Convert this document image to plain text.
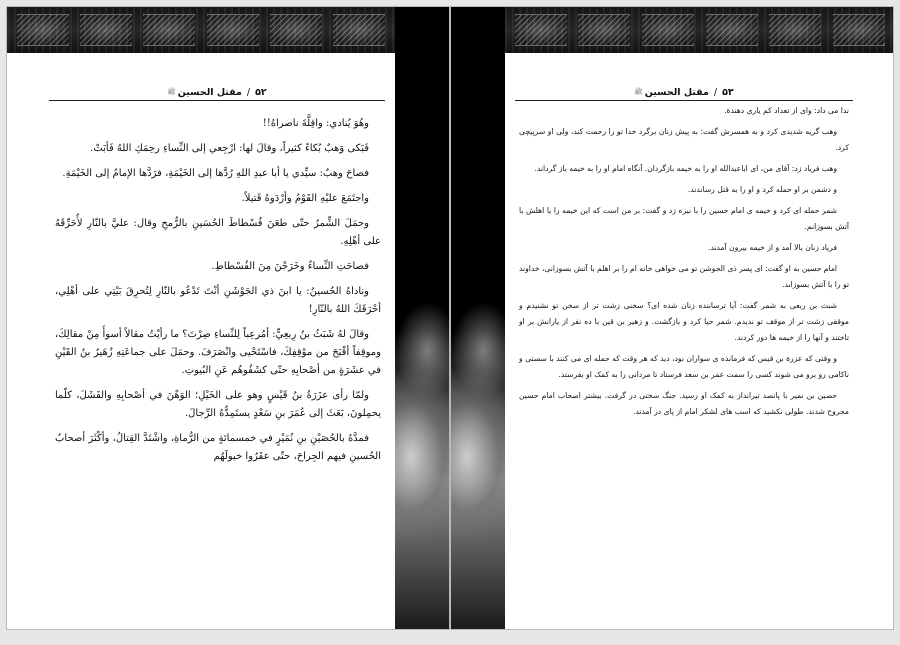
۵۲
/
مقتل الحسين
ﷺ

وهُوَ يُنادي: واقِلَّةَ ناصراهُ!!

فَبَكى وَهبٌ بُكاءً كثيراً، وقالَ لها: ارْجِعي إلى النِّساءِ رحِمَكِ اللهُ فَأبَتْ.

فصاحَ وهبٌ: سيِّدي يا أبا عبدِ اللهِ رُدَّها إلى الخَيْمَةِ، فرَدَّها الإمامُ إلى الخَيْمَةِ.

واجتَمَعَ عليْهِ القَوْمُ وأرْدَوهُ قَتيلاً.

وحمَلَ الشِّمرُ حتّى طعَنَ فُسْطاطَ الحُسَينِ بالرُّمحِ وقال: عليَّ بالنّارِ لأُحَرِّقَهُ على أهْلِهِ.

فصاحَتِ النِّساءُ وخَرَجْنَ مِنَ الفُسْطاطِ.

وناداهُ الحُسينُ: يا ابنَ ذي الجَوْشَنِ أنْتَ تَدْعُو بالنّارِ لِتُحرِقَ بَيْتِي على أهْلِي، أحْرَقَكَ اللهُ بالنّارِ!

وقالَ لهُ شَبَثُ بنُ رِبعِيٍّ: أمُرعِباً لِلنِّساءِ صِرْتَ؟ ما رأيْتُ مقالاً أسوأَ مِنْ مقالِكَ، وموقِفاً أقْبَحَ من موْقِفِكَ، فاسْتَحْيى وانْصَرَفَ. وحمَلَ على جماعَتِهِ زُهَيرُ بنُ القَيْنِ في عشَرَةٍ من أصْحابِهِ حتّى كشَفُوهُم عَنِ البُيوتِ.

ولمّا رأى عزَرَةُ بنُ قَيْسٍ وهو على الخَيْلِ؛ الوَهْنَ في أصْحابِهِ والفَشَلَ، كلّما يحمِلونَ، بَعَثَ إلى عُمَرَ بنِ سَعْدٍ يستَمِدُّهُ الرِّجالَ.

فمدَّهُ بالحُصَيْنِ بنِ نُمَيْرٍ في خمسمائةٍ من الرُّماةِ، واشْتَدَّ القِتالُ، وأكْثَرَ أصحابُ الحُسينِ فيهم الجِراحَ، حتّى عقَرُوا خيولَهُم

۵۳
/
مقتل الحسين
ﷺ

ندا می داد: وای از تعداد کم یاری دهندهٔ.

وهب گریه شدیدی کرد و به همسرش گفت: به پیش زنان برگرد خدا تو را رحمت کند، ولی او سرپیچی کرد.

وهب فریاد زد: آقای من، ای اباعبدالله او را به خیمه بازگردان. آنگاه امام او را به خیمه باز گرداند.

و دشمن بر او حمله کرد و او را به قتل رساندند.

شمر حمله ای کرد و خیمه ی امام حسین را با نیزه زد و گفت: بر من است که این خیمه را با اهلش با آتش بسوزانم.

فریاد زنان بالا آمد و از خیمه بیرون آمدند.

امام حسین به او گفت: ای پسر ذی الجوشن تو می خواهی خانه ام را بر اهلم با آتش بسوزانی، خداوند تو را با آتش بسوزاند.

شبث بن ربعی به شمر گفت: آیا ترساننده زنان شده ای؟ سخنی زشت تر از سخن تو نشنیدم و موقفی زشت تر از موقف تو ندیدم. شمر حیا کرد و بازگشت. و زهیر بن قین با ده نفر از یارانش بر او تاختند و آنها را از خیمه ها دور کردند.

و وقتی که عزرة بن قیس که فرمانده ی سواران بود، دید که هر وقت که حمله ای می کنند با سستی و ناکامی رو برو می شوند کسی را سمت عمر بن سعد فرستاد تا مردانی را به کمک او بفرستد.

حصین بن نمیر با پانصد تیرانداز به کمک او رسید. جنگ سختی در گرفت. بیشتر اصحاب امام حسین مجروح شدند. طولی نکشید که اسب های لشکر امام از پای در آمدند.
